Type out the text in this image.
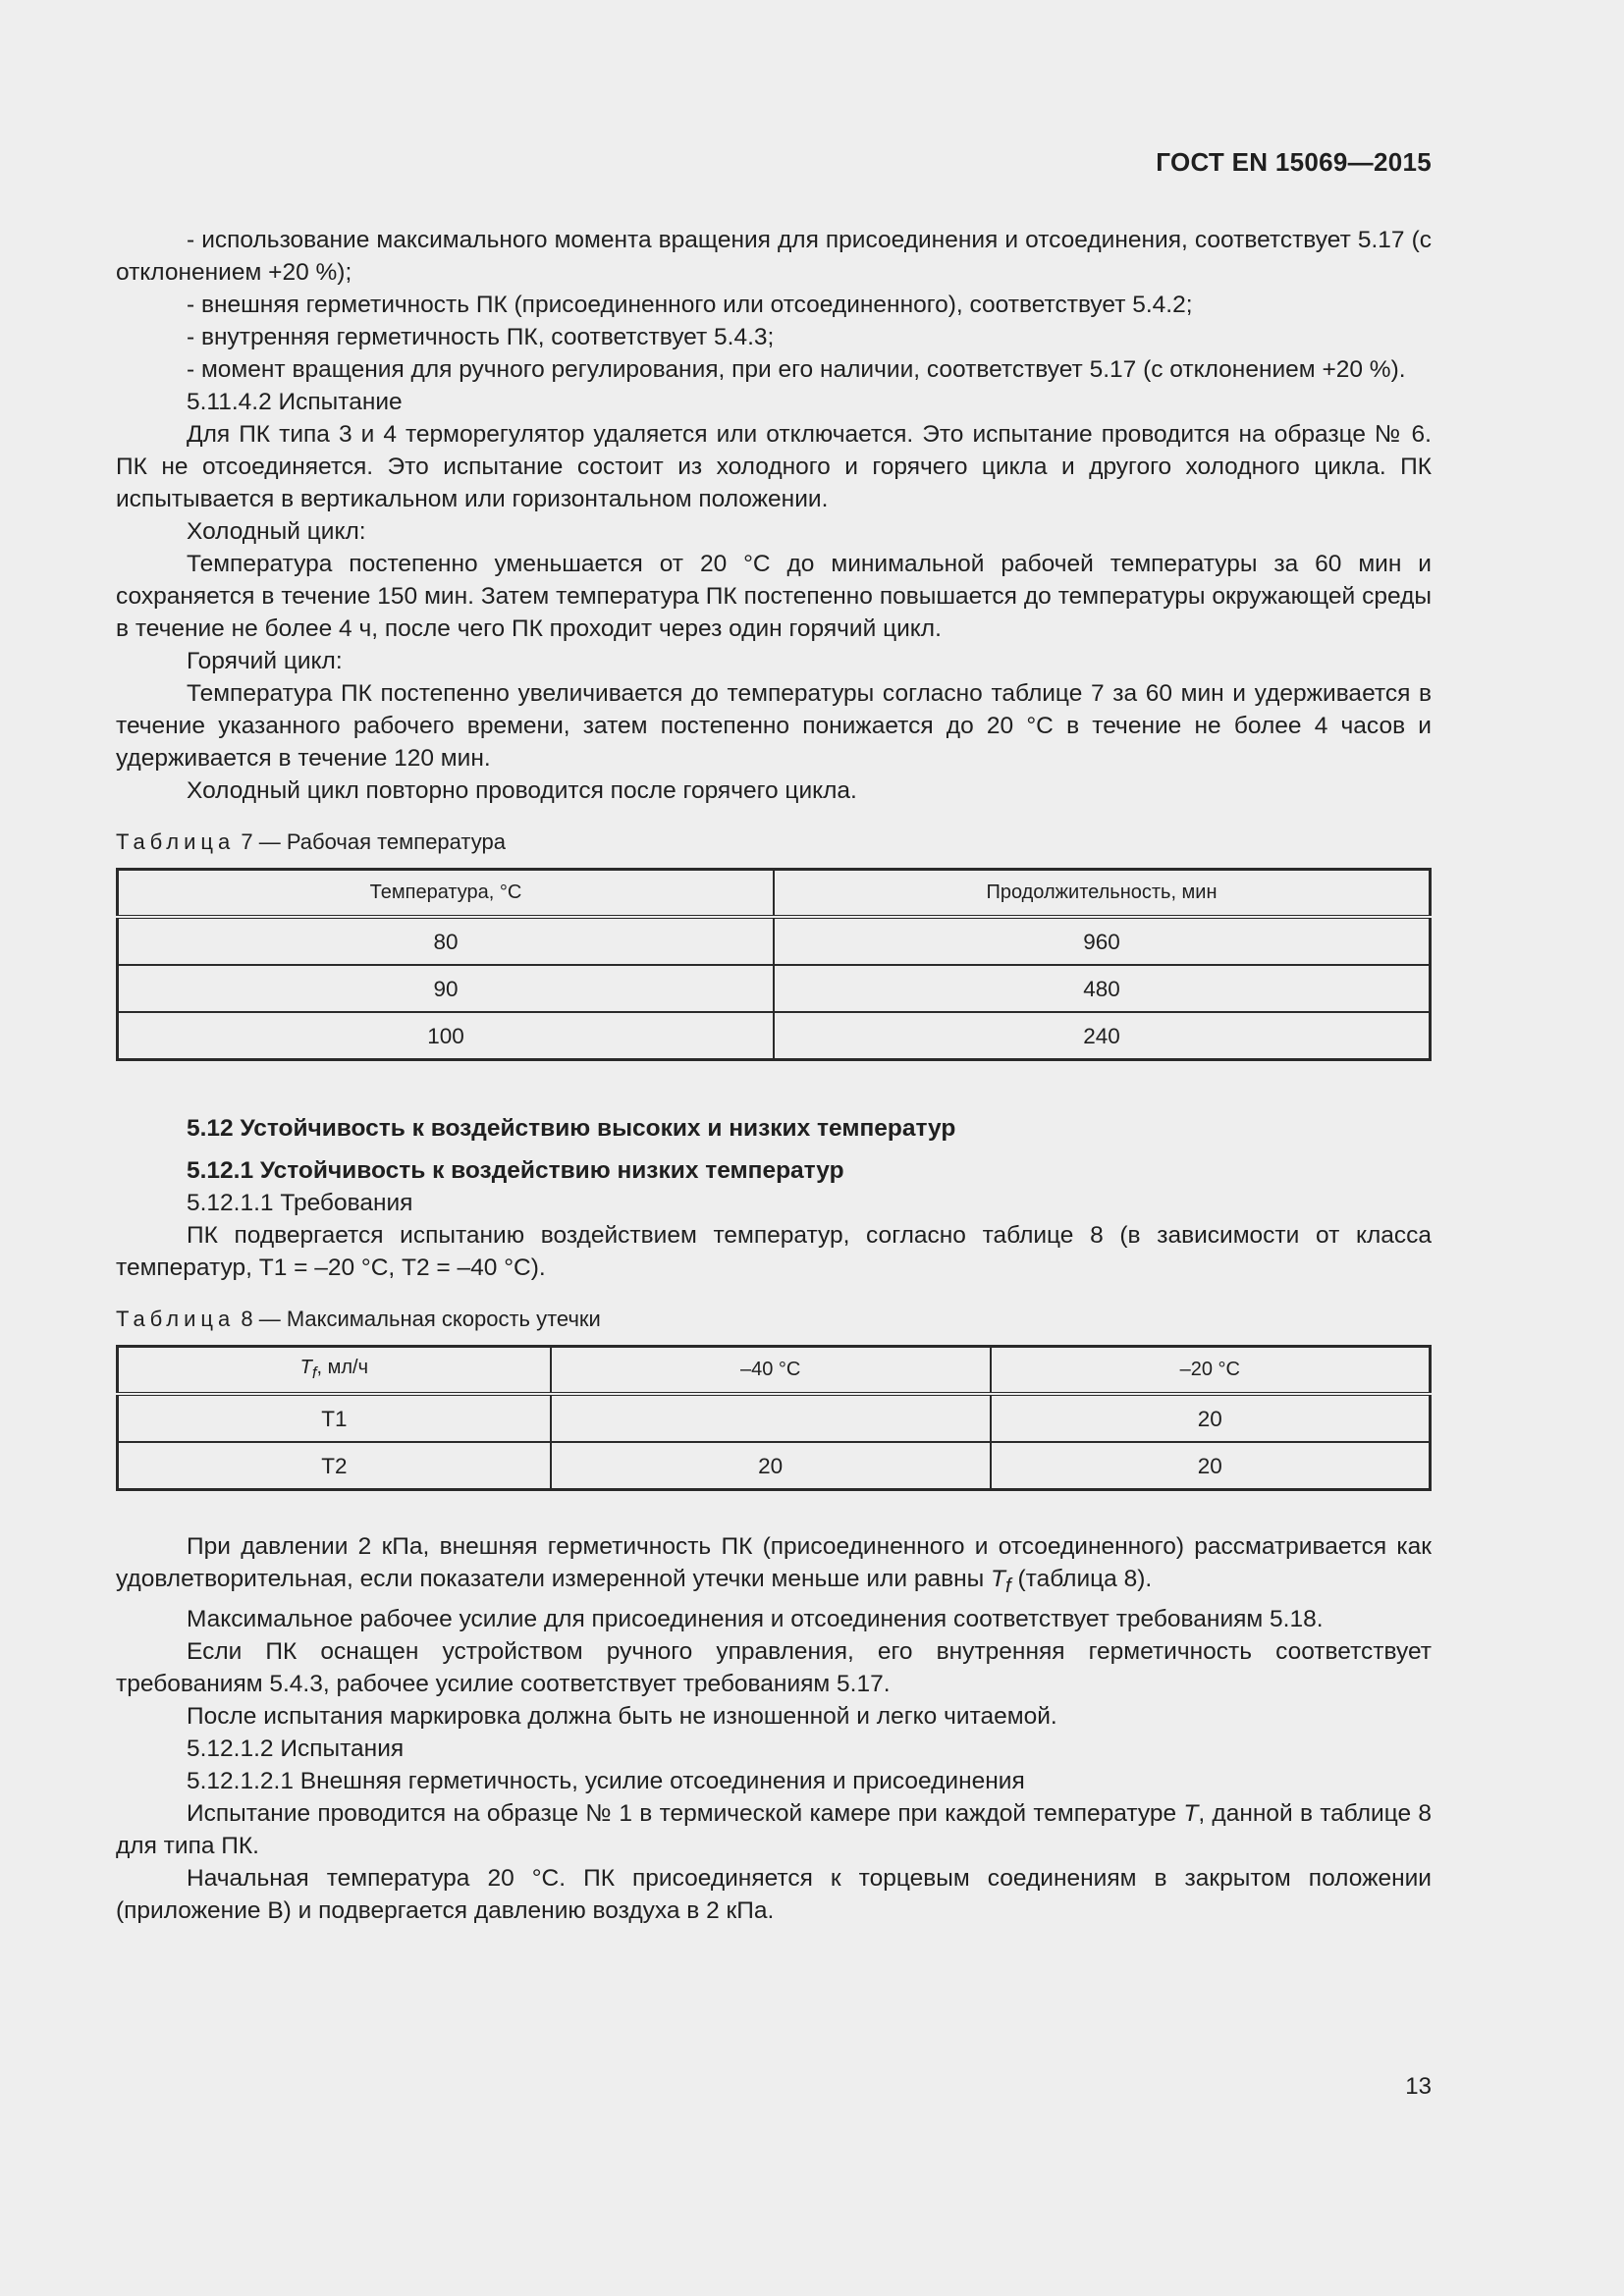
ГОСТ EN 15069—2015

- использование максимального момента вращения для присоединения и отсоединения, соответствует 5.17 (с отклонением +20 %);

- внешняя герметичность ПК (присоединенного или отсоединенного), соответствует 5.4.2;

- внутренняя герметичность ПК, соответствует 5.4.3;

- момент вращения для ручного регулирования, при его наличии, соответствует 5.17 (с отклонением +20 %).

5.11.4.2 Испытание

Для ПК типа 3 и 4 терморегулятор удаляется или отключается. Это испытание проводится на образце № 6. ПК не отсоединяется. Это испытание состоит из холодного и горячего цикла и другого холодного цикла. ПК испытывается в вертикальном или горизонтальном положении.

Холодный цикл:

Температура постепенно уменьшается от 20 °С до минимальной рабочей температуры за 60 мин и сохраняется в течение 150 мин. Затем температура ПК постепенно повышается до температуры окружающей среды в течение не более 4 ч, после чего ПК проходит через один горячий цикл.

Горячий цикл:

Температура ПК постепенно увеличивается до температуры согласно таблице 7 за 60 мин и удерживается в течение указанного рабочего времени, затем постепенно понижается до 20 °С в течение не более 4 часов и удерживается в течение 120 мин.

Холодный цикл повторно проводится после горячего цикла.

Таблица 7 — Рабочая температура
Температура, °С	Продолжительность, мин
80	960
90	480
100	240

5.12 Устойчивость к воздействию высоких и низких температур

5.12.1 Устойчивость к воздействию низких температур

5.12.1.1 Требования

ПК подвергается испытанию воздействием температур, согласно таблице 8 (в зависимости от класса температур, Т1 = –20 °С, Т2 = –40 °С).

Таблица 8 — Максимальная скорость утечки
$T_f$, мл/ч	–40 °С	–20 °С
Т1		20
Т2	20	20

При давлении 2 кПа, внешняя герметичность ПК (присоединенного и отсоединенного) рассматривается как удовлетворительная, если показатели измеренной утечки меньше или равны $T_f$ (таблица 8).

Максимальное рабочее усилие для присоединения и отсоединения соответствует требованиям 5.18.

Если ПК оснащен устройством ручного управления, его внутренняя герметичность соответствует требованиям 5.4.3, рабочее усилие соответствует требованиям 5.17.

После испытания маркировка должна быть не изношенной и легко читаемой.

5.12.1.2 Испытания

5.12.1.2.1 Внешняя герметичность, усилие отсоединения и присоединения

Испытание проводится на образце № 1 в термической камере при каждой температуре T, данной в таблице 8 для типа ПК.

Начальная температура 20 °С. ПК присоединяется к торцевым соединениям в закрытом положении (приложение В) и подвергается давлению воздуха в 2 кПа.

13
